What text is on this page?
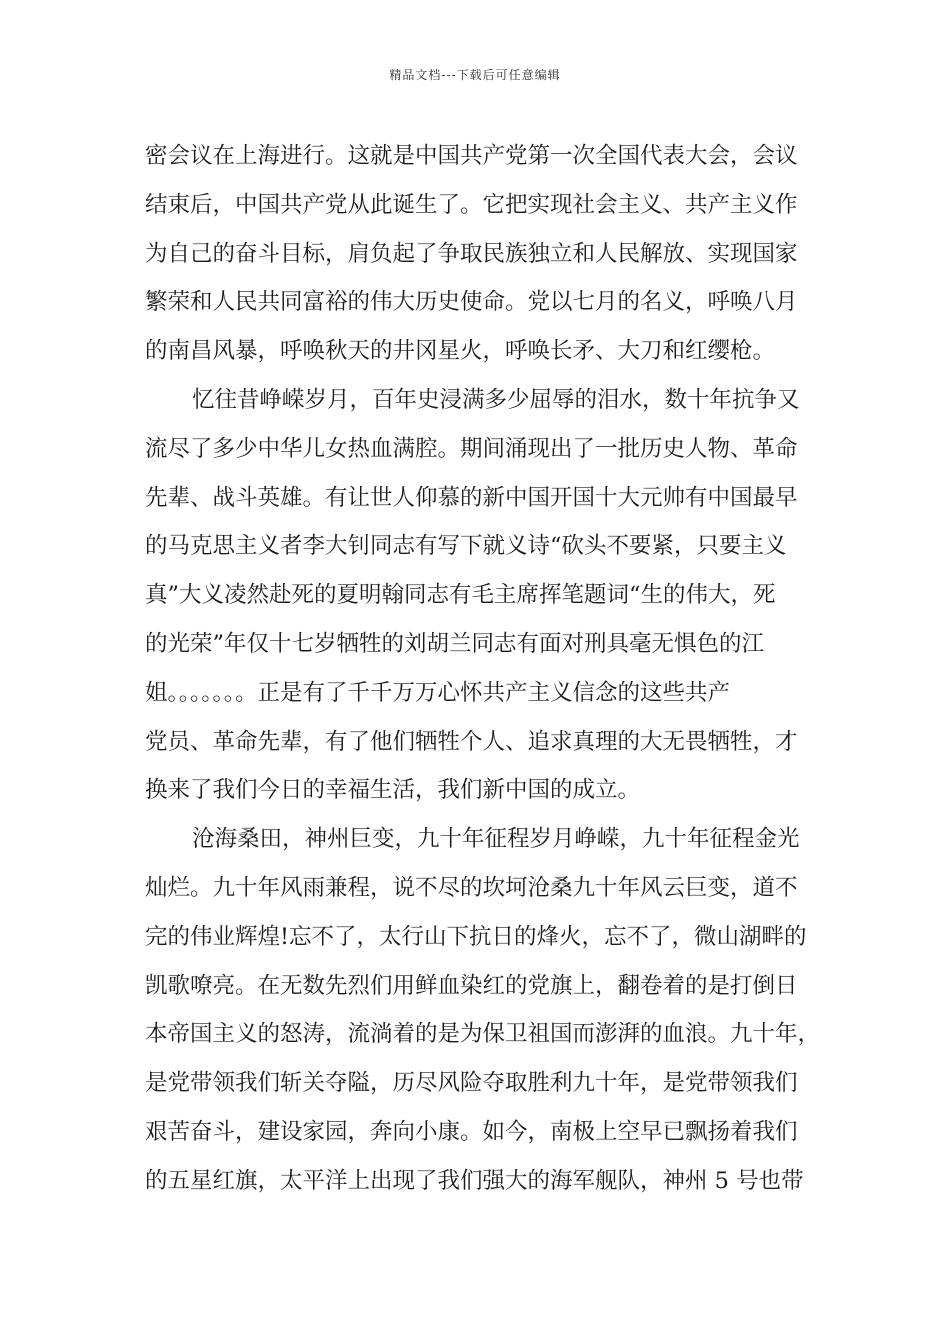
精品文档---下载后可任意编辑
密会议在上海进行。这就是中国共产党第一次全国代表大会，会议
结束后，中国共产党从此诞生了。它把实现社会主义、共产主义作
为自己的奋斗目标，肩负起了争取民族独立和人民解放、实现国家
繁荣和人民共同富裕的伟大历史使命。党以七月的名义，呼唤八月
的南昌风暴，呼唤秋天的井冈星火，呼唤长矛、大刀和红缨枪。
忆往昔峥嵘岁月，百年史浸满多少屈辱的泪水，数十年抗争又
流尽了多少中华儿女热血满腔。期间涌现出了一批历史人物、革命
先辈、战斗英雄。有让世人仰慕的新中国开国十大元帅有中国最早
的马克思主义者李大钊同志有写下就义诗“砍头不要紧，只要主义
真”大义凌然赴死的夏明翰同志有毛主席挥笔题词“生的伟大，死
的光荣”年仅十七岁牺牲的刘胡兰同志有面对刑具毫无惧色的江
姐。。。。。。。正是有了千千万万心怀共产主义信念的这些共产
党员、革命先辈，有了他们牺牲个人、追求真理的大无畏牺牲，才
换来了我们今日的幸福生活，我们新中国的成立。
沧海桑田，神州巨变，九十年征程岁月峥嵘，九十年征程金光
灿烂。九十年风雨兼程，说不尽的坎坷沧桑九十年风云巨变，道不
完的伟业辉煌!忘不了，太行山下抗日的烽火，忘不了，微山湖畔的
凯歌嘹亮。在无数先烈们用鲜血染红的党旗上，翻卷着的是打倒日
本帝国主义的怒涛，流淌着的是为保卫祖国而澎湃的血浪。九十年，
是党带领我们斩关夺隘，历尽风险夺取胜利九十年，是党带领我们
艰苦奋斗，建设家园，奔向小康。如今，南极上空早已飘扬着我们
的五星红旗，太平洋上出现了我们强大的海军舰队，神州 5 号也带
